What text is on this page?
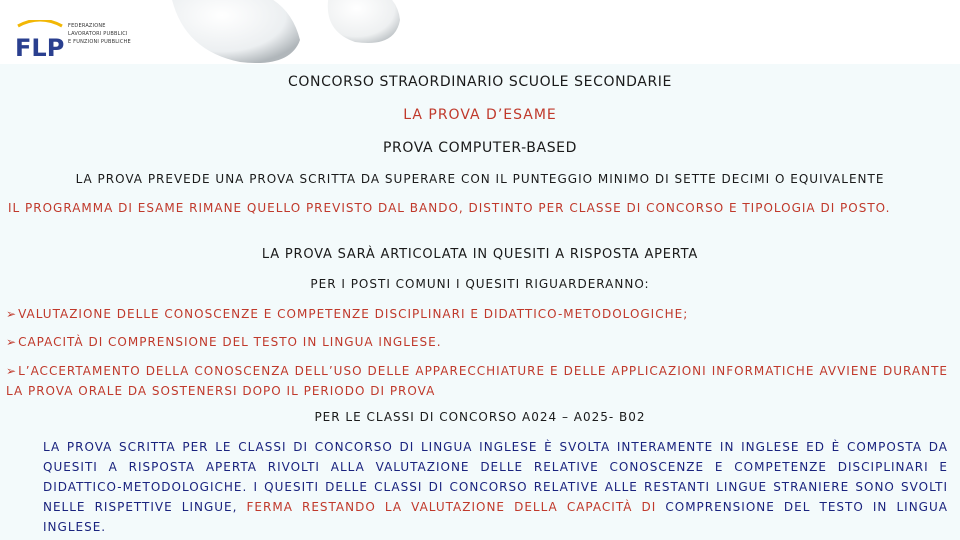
FLP
FEDERAZIONE
LAVORATORI PUBBLICI
E FUNZIONI PUBBLICHE
CONCORSO STRAORDINARIO SCUOLE SECONDARIE
LA PROVA D’ESAME
PROVA COMPUTER-BASED
LA PROVA PREVEDE UNA PROVA SCRITTA DA SUPERARE CON IL PUNTEGGIO MINIMO DI SETTE DECIMI O EQUIVALENTE
IL PROGRAMMA DI ESAME RIMANE QUELLO PREVISTO DAL BANDO, DISTINTO PER CLASSE DI CONCORSO E TIPOLOGIA DI POSTO.
LA PROVA SARÀ ARTICOLATA IN QUESITI A RISPOSTA APERTA
PER I POSTI COMUNI I QUESITI RIGUARDERANNO:
➢ VALUTAZIONE DELLE CONOSCENZE E COMPETENZE DISCIPLINARI E DIDATTICO-METODOLOGICHE;
➢ CAPACITÀ DI COMPRENSIONE DEL TESTO IN LINGUA INGLESE.
➢ L’ACCERTAMENTO DELLA CONOSCENZA DELL’USO DELLE APPARECCHIATURE E DELLE APPLICAZIONI INFORMATICHE AVVIENE DURANTE LA PROVA ORALE DA SOSTENERSI DOPO IL PERIODO DI PROVA
PER LE CLASSI DI CONCORSO A024 – A025- B02
LA PROVA SCRITTA PER LE CLASSI DI CONCORSO DI LINGUA INGLESE È SVOLTA INTERAMENTE IN INGLESE ED È COMPOSTA DA QUESITI A RISPOSTA APERTA RIVOLTI ALLA VALUTAZIONE DELLE RELATIVE CONOSCENZE E COMPETENZE DISCIPLINARI E DIDATTICO-METODOLOGICHE. I QUESITI DELLE CLASSI DI CONCORSO RELATIVE ALLE RESTANTI LINGUE STRANIERE SONO SVOLTI NELLE RISPETTIVE LINGUE, FERMA RESTANDO LA VALUTAZIONE DELLA CAPACITÀ DI COMPRENSIONE DEL TESTO IN LINGUA INGLESE.
